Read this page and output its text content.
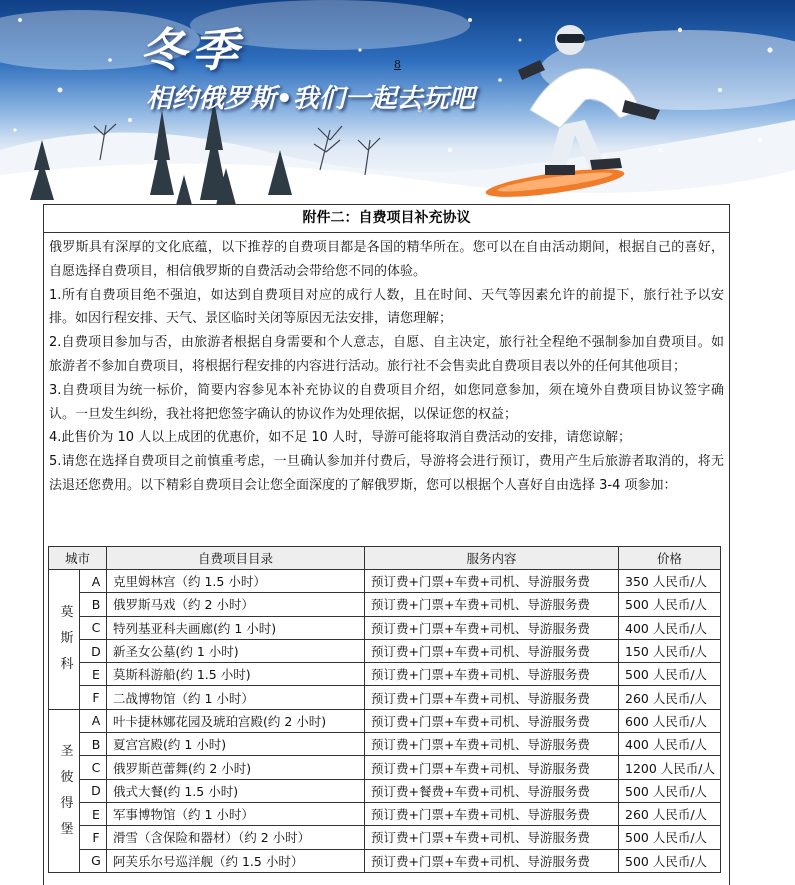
冬季
相约俄罗斯•我们一起去玩吧
8
附件二：自费项目补充协议

俄罗斯具有深厚的文化底蕴，以下推荐的自费项目都是各国的精华所在。您可以在自由活动期间，根据自己的喜好，自愿选择自费项目，相信俄罗斯的自费活动会带给您不同的体验。

1.所有自费项目绝不强迫，如达到自费项目对应的成行人数，且在时间、天气等因素允许的前提下，旅行社予以安排。如因行程安排、天气、景区临时关闭等原因无法安排，请您理解；

2.自费项目参加与否，由旅游者根据自身需要和个人意志，自愿、自主决定，旅行社全程绝不强制参加自费项目。如旅游者不参加自费项目，将根据行程安排的内容进行活动。旅行社不会售卖此自费项目表以外的任何其他项目；

3.自费项目为统一标价，简要内容参见本补充协议的自费项目介绍，如您同意参加，须在境外自费项目协议签字确认。一旦发生纠纷，我社将把您签字确认的协议作为处理依据，以保证您的权益；

4.此售价为 10 人以上成团的优惠价，如不足 10 人时，导游可能将取消自费活动的安排，请您谅解；

5.请您在选择自费项目之前慎重考虑，一旦确认参加并付费后，导游将会进行预订，费用产生后旅游者取消的，将无法退还您费用。以下精彩自费项目会让您全面深度的了解俄罗斯，您可以根据个人喜好自由选择 3-4 项参加：

城市		自费项目目录	服务内容	价格
莫
斯
科	A	克里姆林宫（约 1.5 小时）	预订费+门票+车费+司机、导游服务费	350 人民币/人
	B	俄罗斯马戏（约 2 小时）	预订费+门票+车费+司机、导游服务费	500 人民币/人
	C	特列基亚科夫画廊(约 1 小时)	预订费+门票+车费+司机、导游服务费	400 人民币/人
	D	新圣女公墓(约 1 小时)	预订费+门票+车费+司机、导游服务费	150 人民币/人
	E	莫斯科游船(约 1.5 小时)	预订费+门票+车费+司机、导游服务费	500 人民币/人
	F	二战博物馆（约 1 小时）	预订费+门票+车费+司机、导游服务费	260 人民币/人
圣
彼
得
堡	A	叶卡捷林娜花园及琥珀宫殿(约 2 小时)	预订费+门票+车费+司机、导游服务费	600 人民币/人
	B	夏宫宫殿(约 1 小时)	预订费+门票+车费+司机、导游服务费	400 人民币/人
	C	俄罗斯芭蕾舞(约 2 小时)	预订费+门票+车费+司机、导游服务费	1200 人民币/人
	D	俄式大餐(约 1.5 小时)	预订费+餐费+车费+司机、导游服务费	500 人民币/人
	E	军事博物馆（约 1 小时）	预订费+门票+车费+司机、导游服务费	260 人民币/人
	F	滑雪（含保险和器材）（约 2 小时）	预订费+门票+车费+司机、导游服务费	500 人民币/人
	G	阿芙乐尔号巡洋舰（约 1.5 小时）	预订费+门票+车费+司机、导游服务费	500 人民币/人
